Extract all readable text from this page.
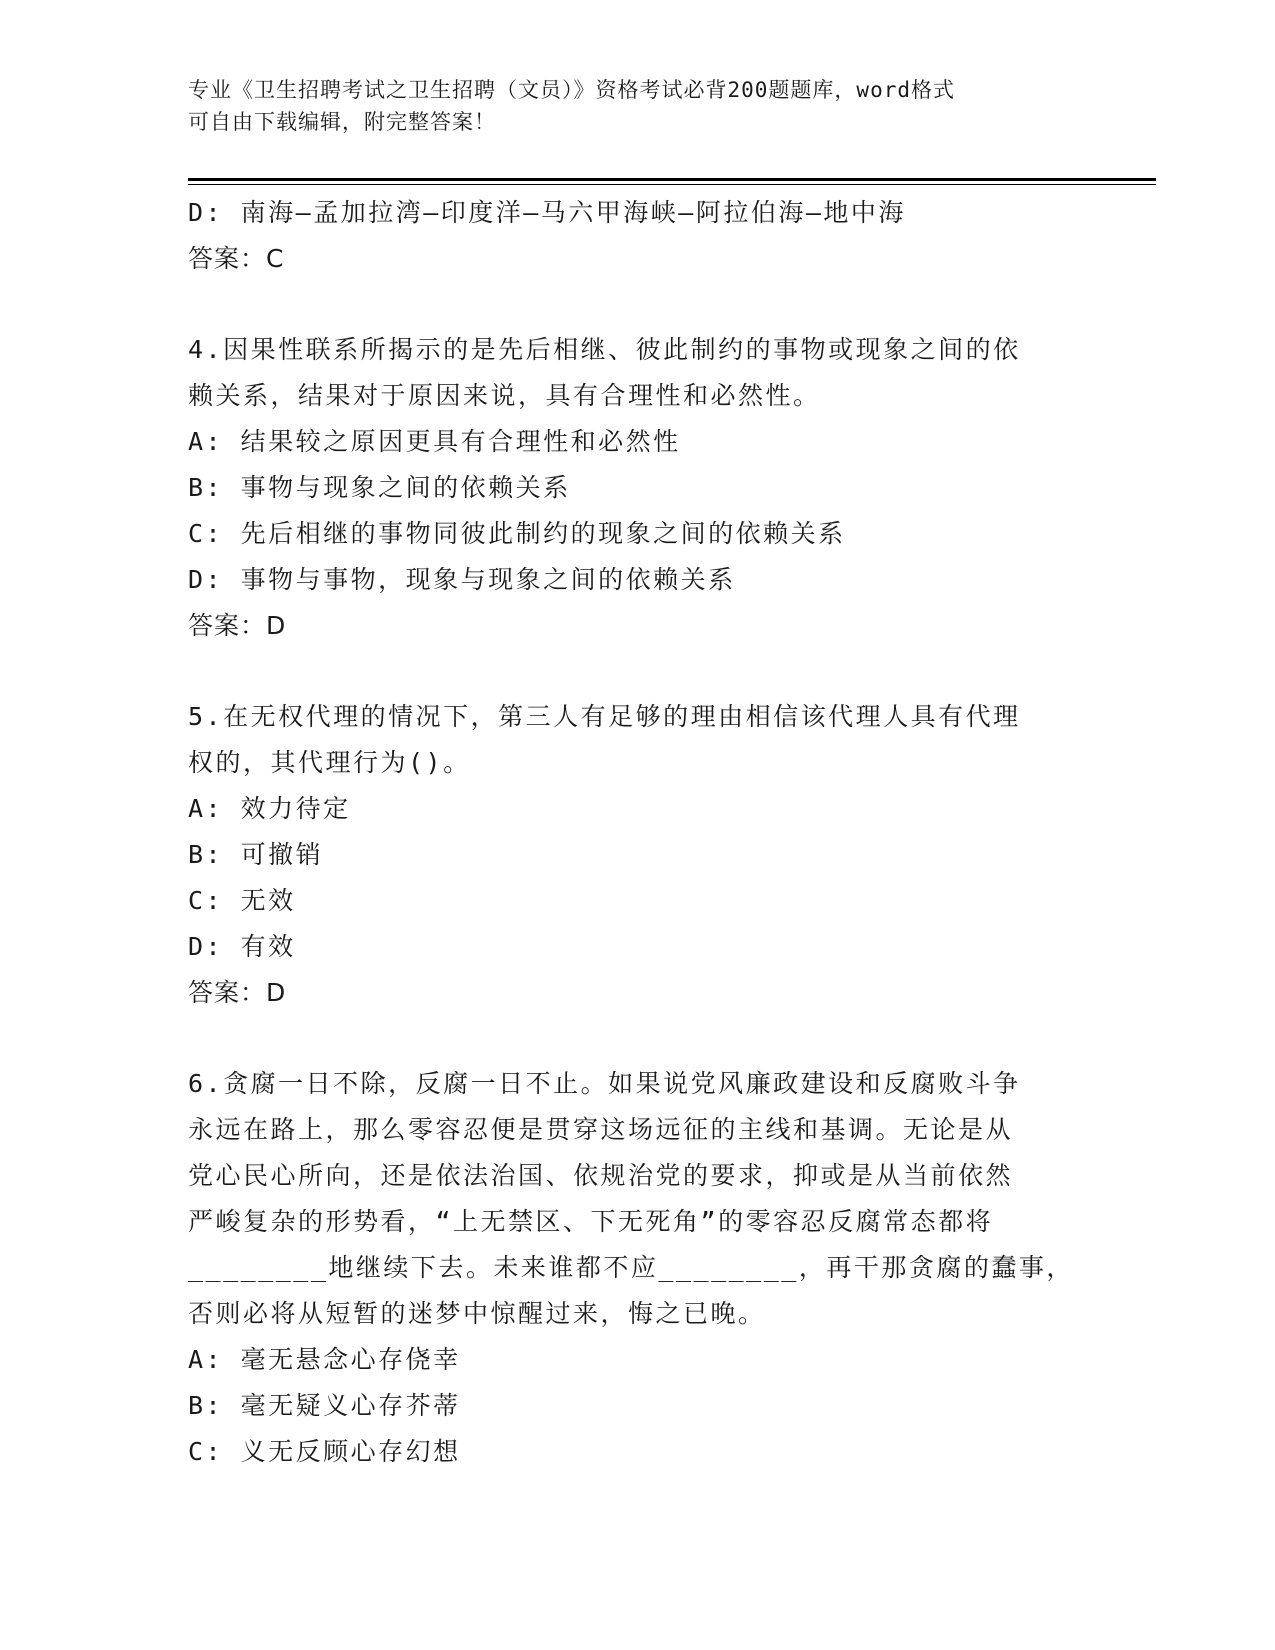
专业《卫生招聘考试之卫生招聘（文员）》资格考试必背200题题库，word格式
可自由下载编辑，附完整答案！
D: 南海—孟加拉湾—印度洋—马六甲海峡—阿拉伯海—地中海
答案：C
4.因果性联系所揭示的是先后相继、彼此制约的事物或现象之间的依
赖关系，结果对于原因来说，具有合理性和必然性。
A: 结果较之原因更具有合理性和必然性
B: 事物与现象之间的依赖关系
C: 先后相继的事物同彼此制约的现象之间的依赖关系
D: 事物与事物，现象与现象之间的依赖关系
答案：D
5.在无权代理的情况下，第三人有足够的理由相信该代理人具有代理
权的，其代理行为()。
A: 效力待定
B: 可撤销
C: 无效
D: 有效
答案：D
6.贪腐一日不除，反腐一日不止。如果说党风廉政建设和反腐败斗争
永远在路上，那么零容忍便是贯穿这场远征的主线和基调。无论是从
党心民心所向，还是依法治国、依规治党的要求，抑或是从当前依然
严峻复杂的形势看，“上无禁区、下无死角”的零容忍反腐常态都将
________地继续下去。未来谁都不应________，再干那贪腐的蠢事，
否则必将从短暂的迷梦中惊醒过来，悔之已晚。
A: 毫无悬念心存侥幸
B: 毫无疑义心存芥蒂
C: 义无反顾心存幻想
